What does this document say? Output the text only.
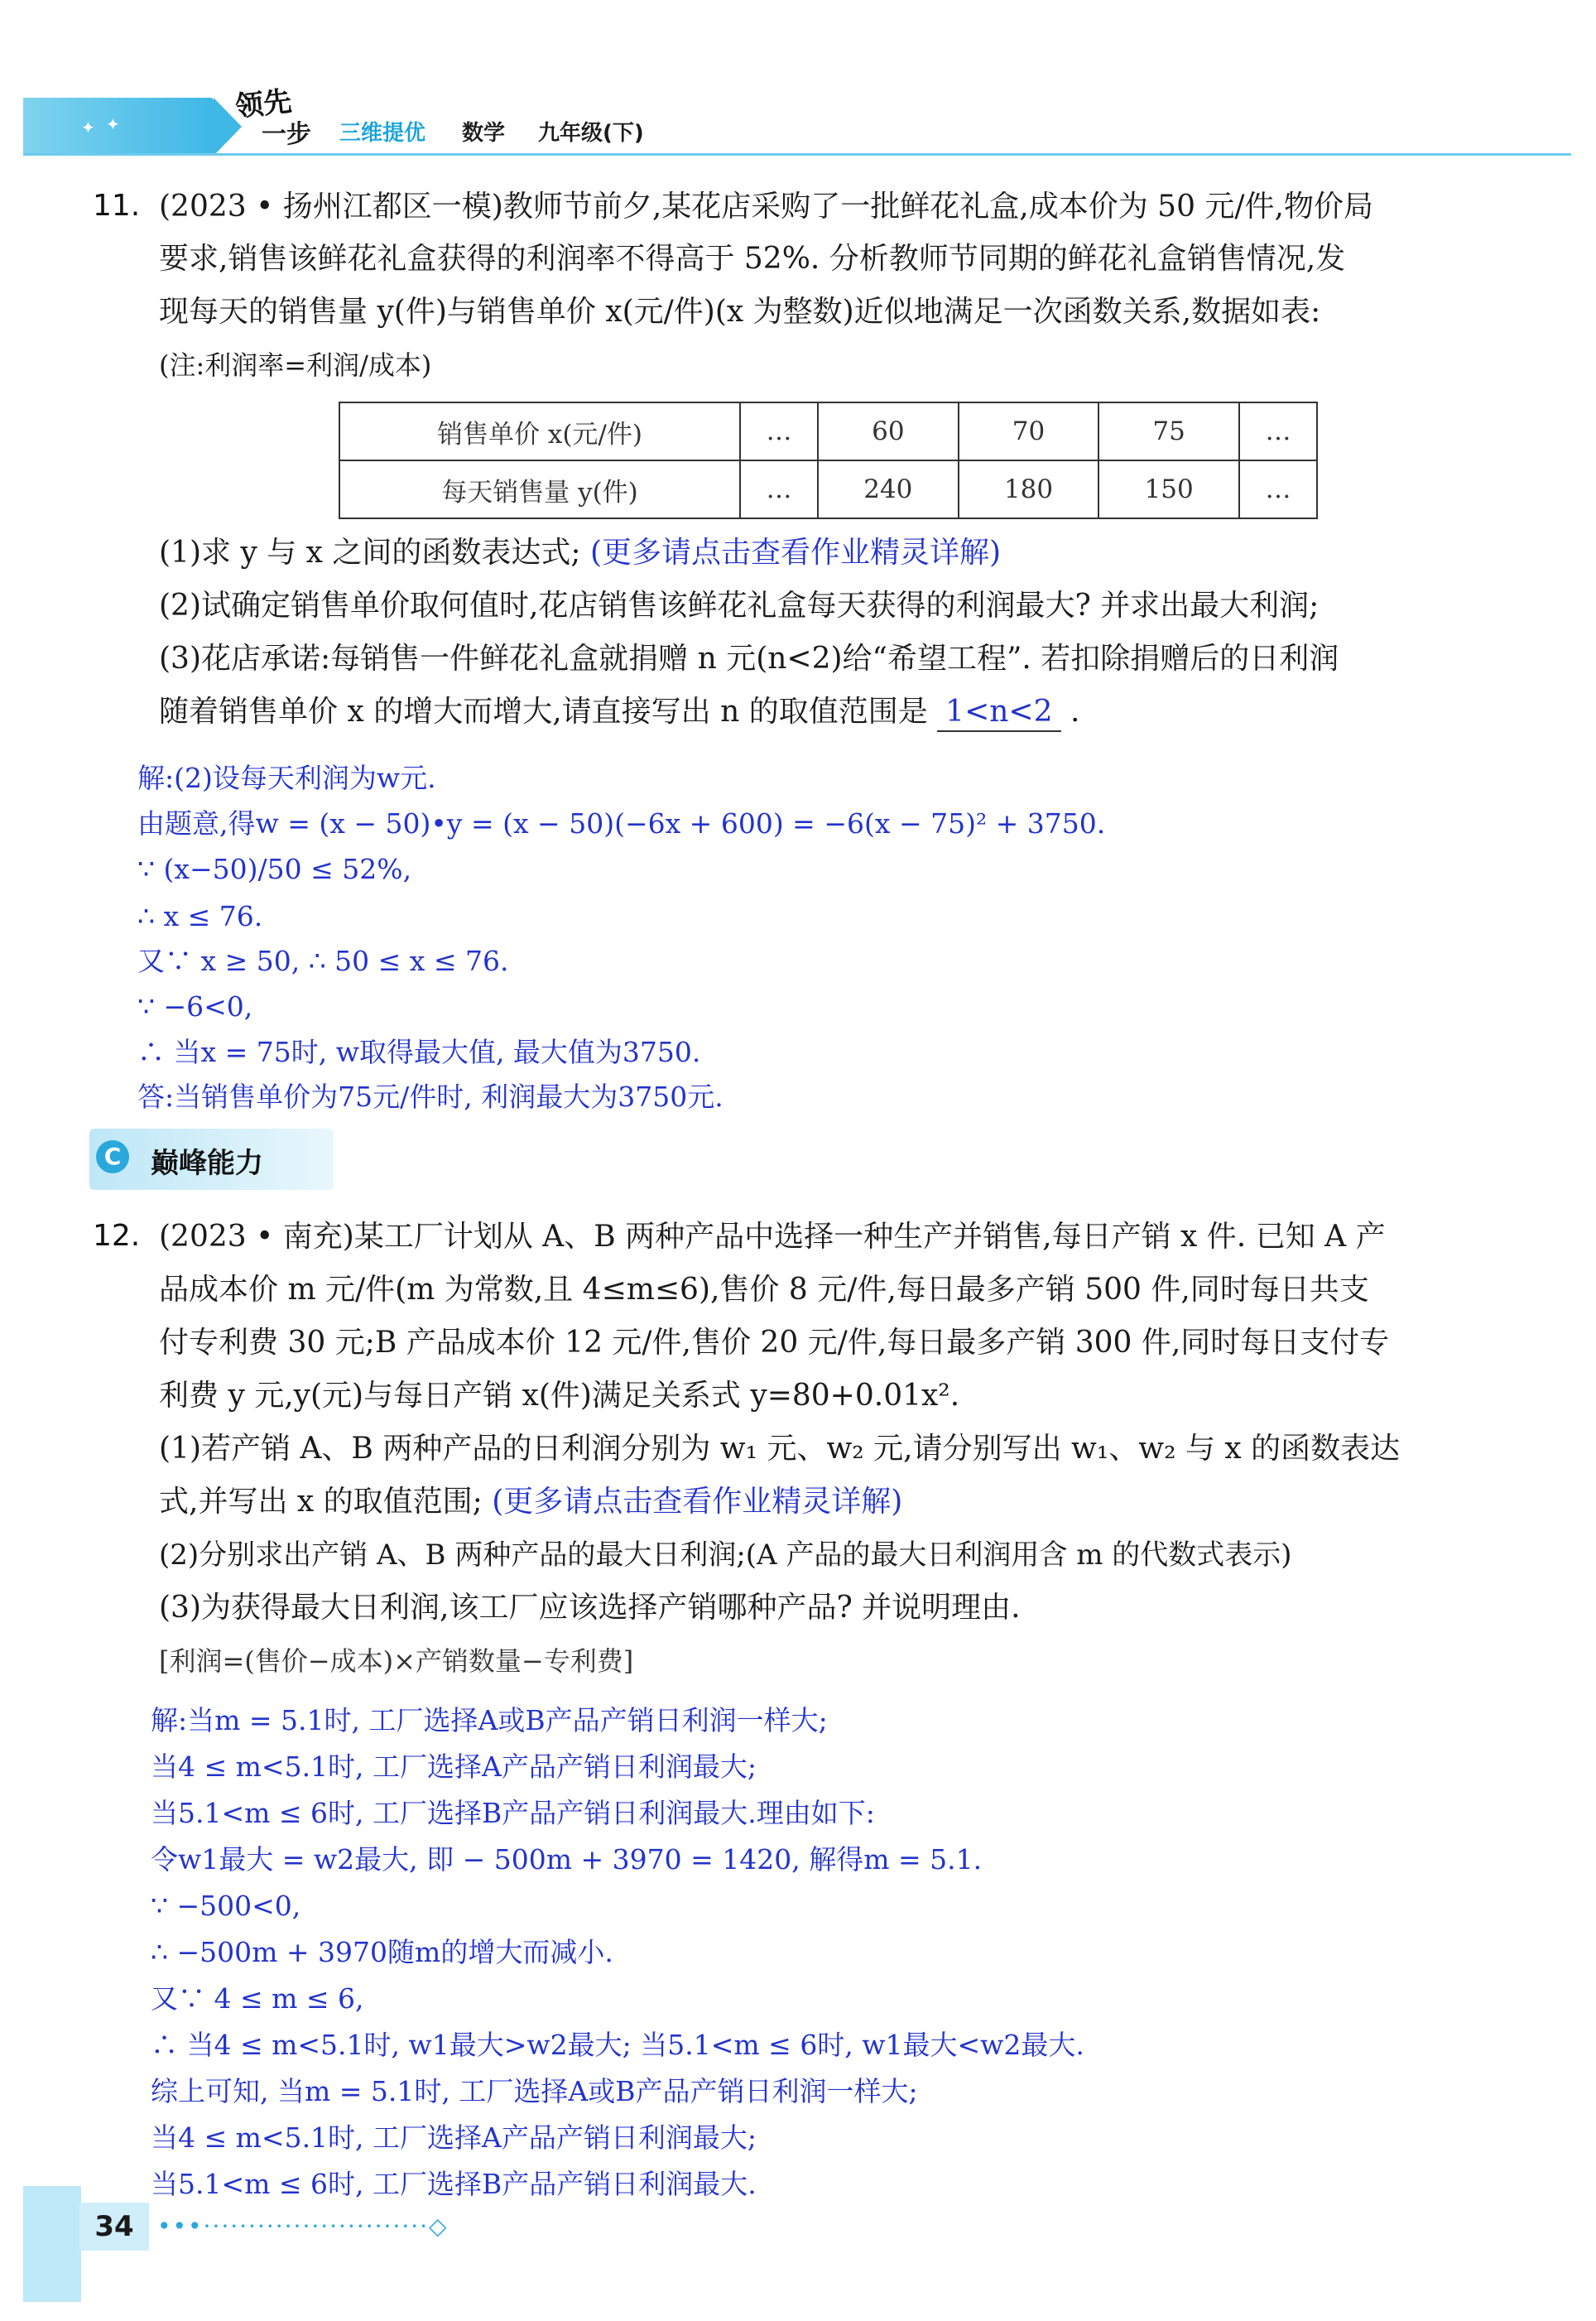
✦ ✦
领先
一步 三维提优 数学 九年级(下)
11. (2023 • 扬州江都区一模)教师节前夕,某花店采购了一批鲜花礼盒,成本价为 50 元/件,物价局
要求,销售该鲜花礼盒获得的利润率不得高于 52%. 分析教师节同期的鲜花礼盒销售情况,发
现每天的销售量 y(件)与销售单价 x(元/件)(x 为整数)近似地满足一次函数关系,数据如表:
(注:利润率=利润/成本)
销售单价 x(元/件)	…	60	70	75	…
每天销售量 y(件)	…	240	180	150	…
(1)求 y 与 x 之间的函数表达式; (更多请点击查看作业精灵详解)
(2)试确定销售单价取何值时,花店销售该鲜花礼盒每天获得的利润最大? 并求出最大利润;
(3)花店承诺:每销售一件鲜花礼盒就捐赠 n 元(n<2)给“希望工程”. 若扣除捐赠后的日利润
随着销售单价 x 的增大而增大,请直接写出 n 的取值范围是 1<n<2 .
解:(2)设每天利润为w元.
由题意,得w = (x − 50)•y = (x − 50)(−6x + 600) = −6(x − 75)² + 3750.
∵ (x−50)/50 ≤ 52%,
∴ x ≤ 76.
又∵ x ≥ 50, ∴ 50 ≤ x ≤ 76.
∵ −6<0,
∴ 当x = 75时, w取得最大值, 最大值为3750.
答:当销售单价为75元/件时, 利润最大为3750元.
C 巅峰能力
12. (2023 • 南充)某工厂计划从 A、B 两种产品中选择一种生产并销售,每日产销 x 件. 已知 A 产
品成本价 m 元/件(m 为常数,且 4≤m≤6),售价 8 元/件,每日最多产销 500 件,同时每日共支
付专利费 30 元;B 产品成本价 12 元/件,售价 20 元/件,每日最多产销 300 件,同时每日支付专
利费 y 元,y(元)与每日产销 x(件)满足关系式 y=80+0.01x².
(1)若产销 A、B 两种产品的日利润分别为 w₁ 元、w₂ 元,请分别写出 w₁、w₂ 与 x 的函数表达
式,并写出 x 的取值范围; (更多请点击查看作业精灵详解)
(2)分别求出产销 A、B 两种产品的最大日利润;(A 产品的最大日利润用含 m 的代数式表示)
(3)为获得最大日利润,该工厂应该选择产销哪种产品? 并说明理由.
[利润=(售价−成本)×产销数量−专利费]
解:当m = 5.1时, 工厂选择A或B产品产销日利润一样大;
当4 ≤ m<5.1时, 工厂选择A产品产销日利润最大;
当5.1<m ≤ 6时, 工厂选择B产品产销日利润最大.理由如下:
令w1最大 = w2最大, 即 − 500m + 3970 = 1420, 解得m = 5.1.
∵ −500<0,
∴ −500m + 3970随m的增大而减小.
又∵ 4 ≤ m ≤ 6,
∴ 当4 ≤ m<5.1时, w1最大>w2最大; 当5.1<m ≤ 6时, w1最大<w2最大.
综上可知, 当m = 5.1时, 工厂选择A或B产品产销日利润一样大;
当4 ≤ m<5.1时, 工厂选择A产品产销日利润最大;
当5.1<m ≤ 6时, 工厂选择B产品产销日利润最大.
34	•••·························◇
